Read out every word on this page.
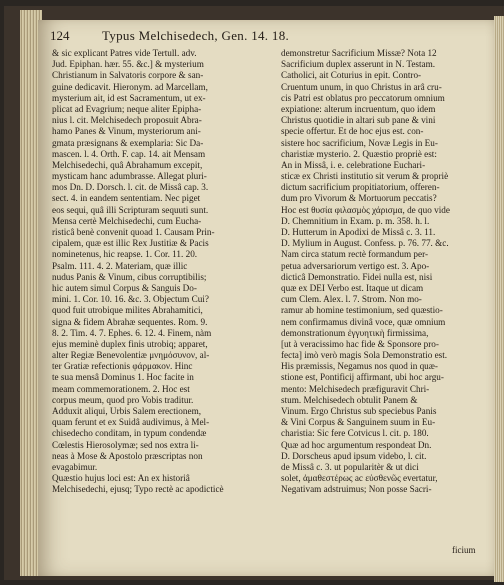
124	Typus Melchisedech, Gen. 14. 18.
& sic explicant Patres vide Tertull. adv.
Jud. Epiphan. hær. 55. &c.] & mysterium
Christianum in Salvatoris corpore & san-
guine dedicavit. Hieronym. ad Marcellam,
mysterium ait, id est Sacramentum, ut ex-
plicat ad Evagrium; neque aliter Epipha-
nius l. cit. Melchisedech proposuit Abra-
hamo Panes & Vinum, mysteriorum ani-
gmata præsignans & exemplaria: Sic Da-
mascen. l. 4. Orth. F. cap. 14. ait Mensam
Melchisedechi, quâ Abrahamum excepit,
mysticam hanc adumbrasse. Allegat pluri-
mos Dn. D. Dorsch. l. cit. de Missâ cap. 3.
sect. 4. in eandem sententiam. Nec piget
eos sequi, quâ illi Scripturam sequuti sunt.
Mensa certè Melchisedechi, cum Eucha-
risticâ benè convenit quoad 1. Causam Prin-
cipalem, quæ est illic Rex Justitiæ & Pacis
nominetenus, hic reapse. 1. Cor. 11. 20.
Psalm. 111. 4. 2. Materiam, quæ illic
nudus Panis & Vinum, cibus corruptibilis;
hic autem simul Corpus & Sanguis Do-
mini. 1. Cor. 10. 16. &c. 3. Objectum Cui?
quod fuit utrobique milites Abrahamitici,
signa & fidem Abrahæ sequentes. Rom. 9.
8. 2. Tim. 4. 7. Ephes. 6. 12. 4. Finem, nàm
ejus meminè duplex finis utrobiq; apparet,
alter Regiæ Benevolentiæ μνημόσυνον, al-
ter Gratiæ refectionis φάρμακον. Hinc
te sua mensâ Dominus 1. Hoc facite in
meam commemorationem. 2. Hoc est
corpus meum, quod pro Vobis traditur.
Adduxit aliqui, Urbis Salem erectionem,
quam ferunt et ex Suidâ audivimus, à Mel-
chisedecho conditam, in typum condendæ
Cœlestis Hierosolymæ; sed nos extra li-
neas à Mose & Apostolo præscriptas non
evagabimur.
Quæstio hujus loci est: An ex historiâ
Melchisedechi, ejusq; Typo rectè ac apodicticè
demonstretur Sacrificium Missæ? Nota 12
Sacrificium duplex asserunt in N. Testam.
Catholici, ait Coturius in epit. Contro-
Cruentum unum, in quo Christus in arâ cru-
cis Patri est oblatus pro peccatorum omnium
expiatione: alterum incruentum, quo idem
Christus quotidie in altari sub pane & vini
specie offertur. Et de hoc ejus est. con-
sistere hoc sacrificium, Novæ Legis in Eu-
charistiæ mysterio. 2. Quæstio propriè est:
An in Missâ, i. e. celebratione Euchari-
sticæ ex Christi institutio sit verum & propriè
dictum sacrificium propitiatorium, offeren-
dum pro Vivorum & Mortuorum peccatis?
Hoc est θυσία φιλασμὸς χάρισμα, de quo vide
D. Chemnitium in Exam. p. m. 358. h. l.
D. Hutterum in Apodixi de Missâ c. 3. 11.
D. Mylium in August. Confess. p. 76. 77. &c.
Nam circa statum rectè formandum per-
petua adversariorum vertigo est. 3. Apo-
dicticâ Demonstratio. Fidei nulla est, nisi
quæ ex DEI Verbo est. Itaque ut dicam
cum Clem. Alex. l. 7. Strom. Non mo-
ramur ab homine testimonium, sed quæstio-
nem confirmamus divinâ voce, quæ omnium
demonstrationum ἐγγυητικὴ firmissima,
[ut à veracissimo hac fide & Sponsore pro-
fecta] imò verò magis Sola Demonstratio est.
His præmissis, Negamus nos quod in quæ-
stione est, Pontificij affirmant, ubi hoc argu-
mento: Melchisedech præfiguravit Chri-
stum. Melchisedech obtulit Panem &
Vinum. Ergo Christus sub speciebus Panis
& Vini Corpus & Sanguinem suum in Eu-
charistia: Sic fere Cotvicus l. cit. p. 180.
Quæ ad hoc argumentum respondeat Dn.
D. Dorscheus apud ipsum videbo, l. cit.
de Missâ c. 3. ut popularitèr & ut dici
solet, ἀμαθεστέρως ac εὐσθενῶς evertatur,
Negativam adstruimus; Non posse Sacri-
ficium
